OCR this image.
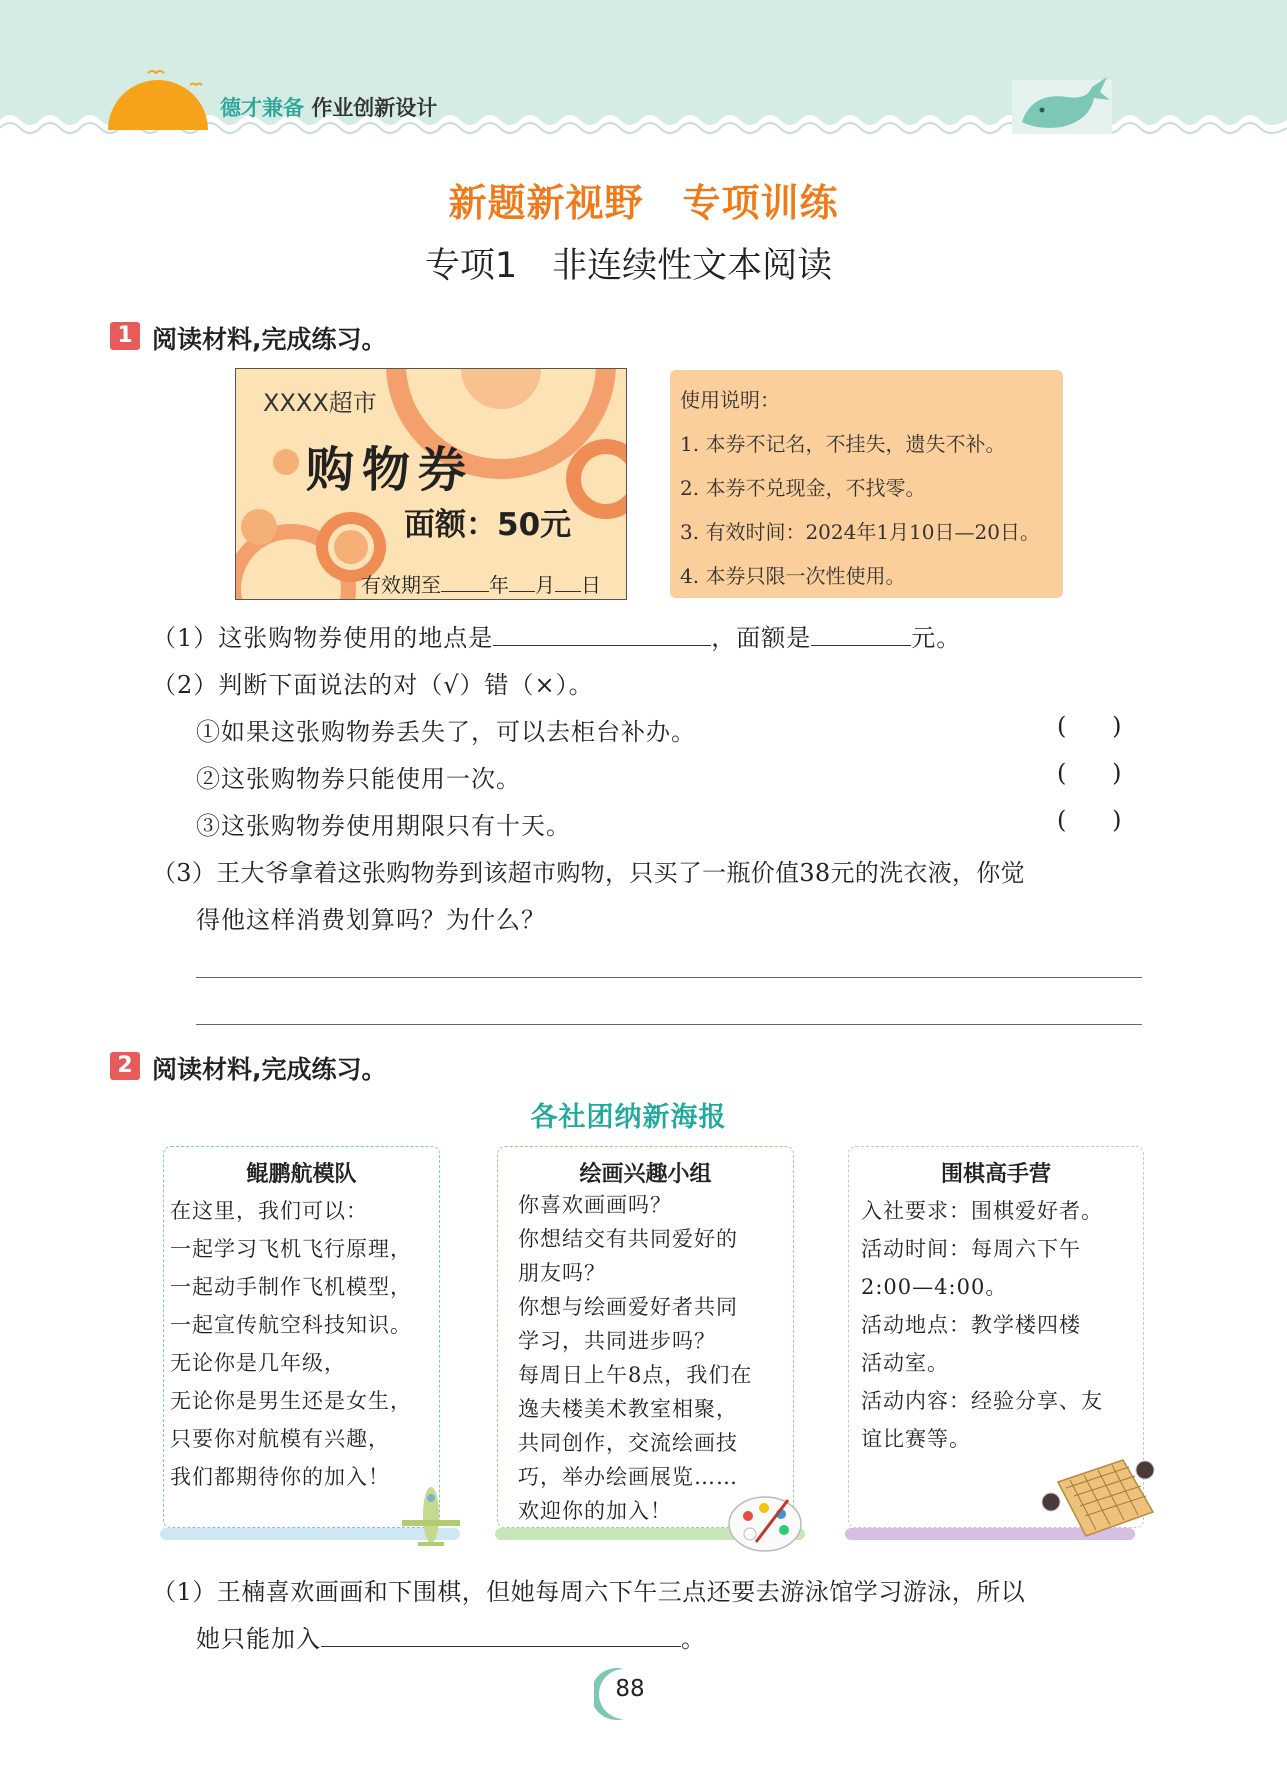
德才兼备 作业创新设计
新题新视野　专项训练
专项1　非连续性文本阅读
1 阅读材料,完成练习。
XXXX超市
购物券
面额：50元
有效期至 年 月 日
使用说明：
1. 本券不记名，不挂失，遗失不补。
2. 本券不兑现金，不找零。
3. 有效时间：2024年1月10日—20日。
4. 本券只限一次性使用。
（1）这张购物券使用的地点是	，面额是	元。
（2）判断下面说法的对（√）错（×）。
①如果这张购物券丢失了，可以去柜台补办。	(      )
②这张购物券只能使用一次。	(      )
③这张购物券使用期限只有十天。	(      )
（3）王大爷拿着这张购物券到该超市购物，只买了一瓶价值38元的洗衣液，你觉
得他这样消费划算吗？为什么？
2 阅读材料,完成练习。
各社团纳新海报
鲲鹏航模队
在这里，我们可以：
一起学习飞机飞行原理，
一起动手制作飞机模型，
一起宣传航空科技知识。
无论你是几年级，
无论你是男生还是女生，
只要你对航模有兴趣，
我们都期待你的加入！
绘画兴趣小组
你喜欢画画吗？
你想结交有共同爱好的
朋友吗？
你想与绘画爱好者共同
学习，共同进步吗？
每周日上午8点，我们在
逸夫楼美术教室相聚，
共同创作，交流绘画技
巧，举办绘画展览……
欢迎你的加入！
围棋高手营
入社要求：围棋爱好者。
活动时间：每周六下午
2:00—4:00。
活动地点：教学楼四楼
活动室。
活动内容：经验分享、友
谊比赛等。
（1）王楠喜欢画画和下围棋，但她每周六下午三点还要去游泳馆学习游泳，所以
她只能加入	。
88
